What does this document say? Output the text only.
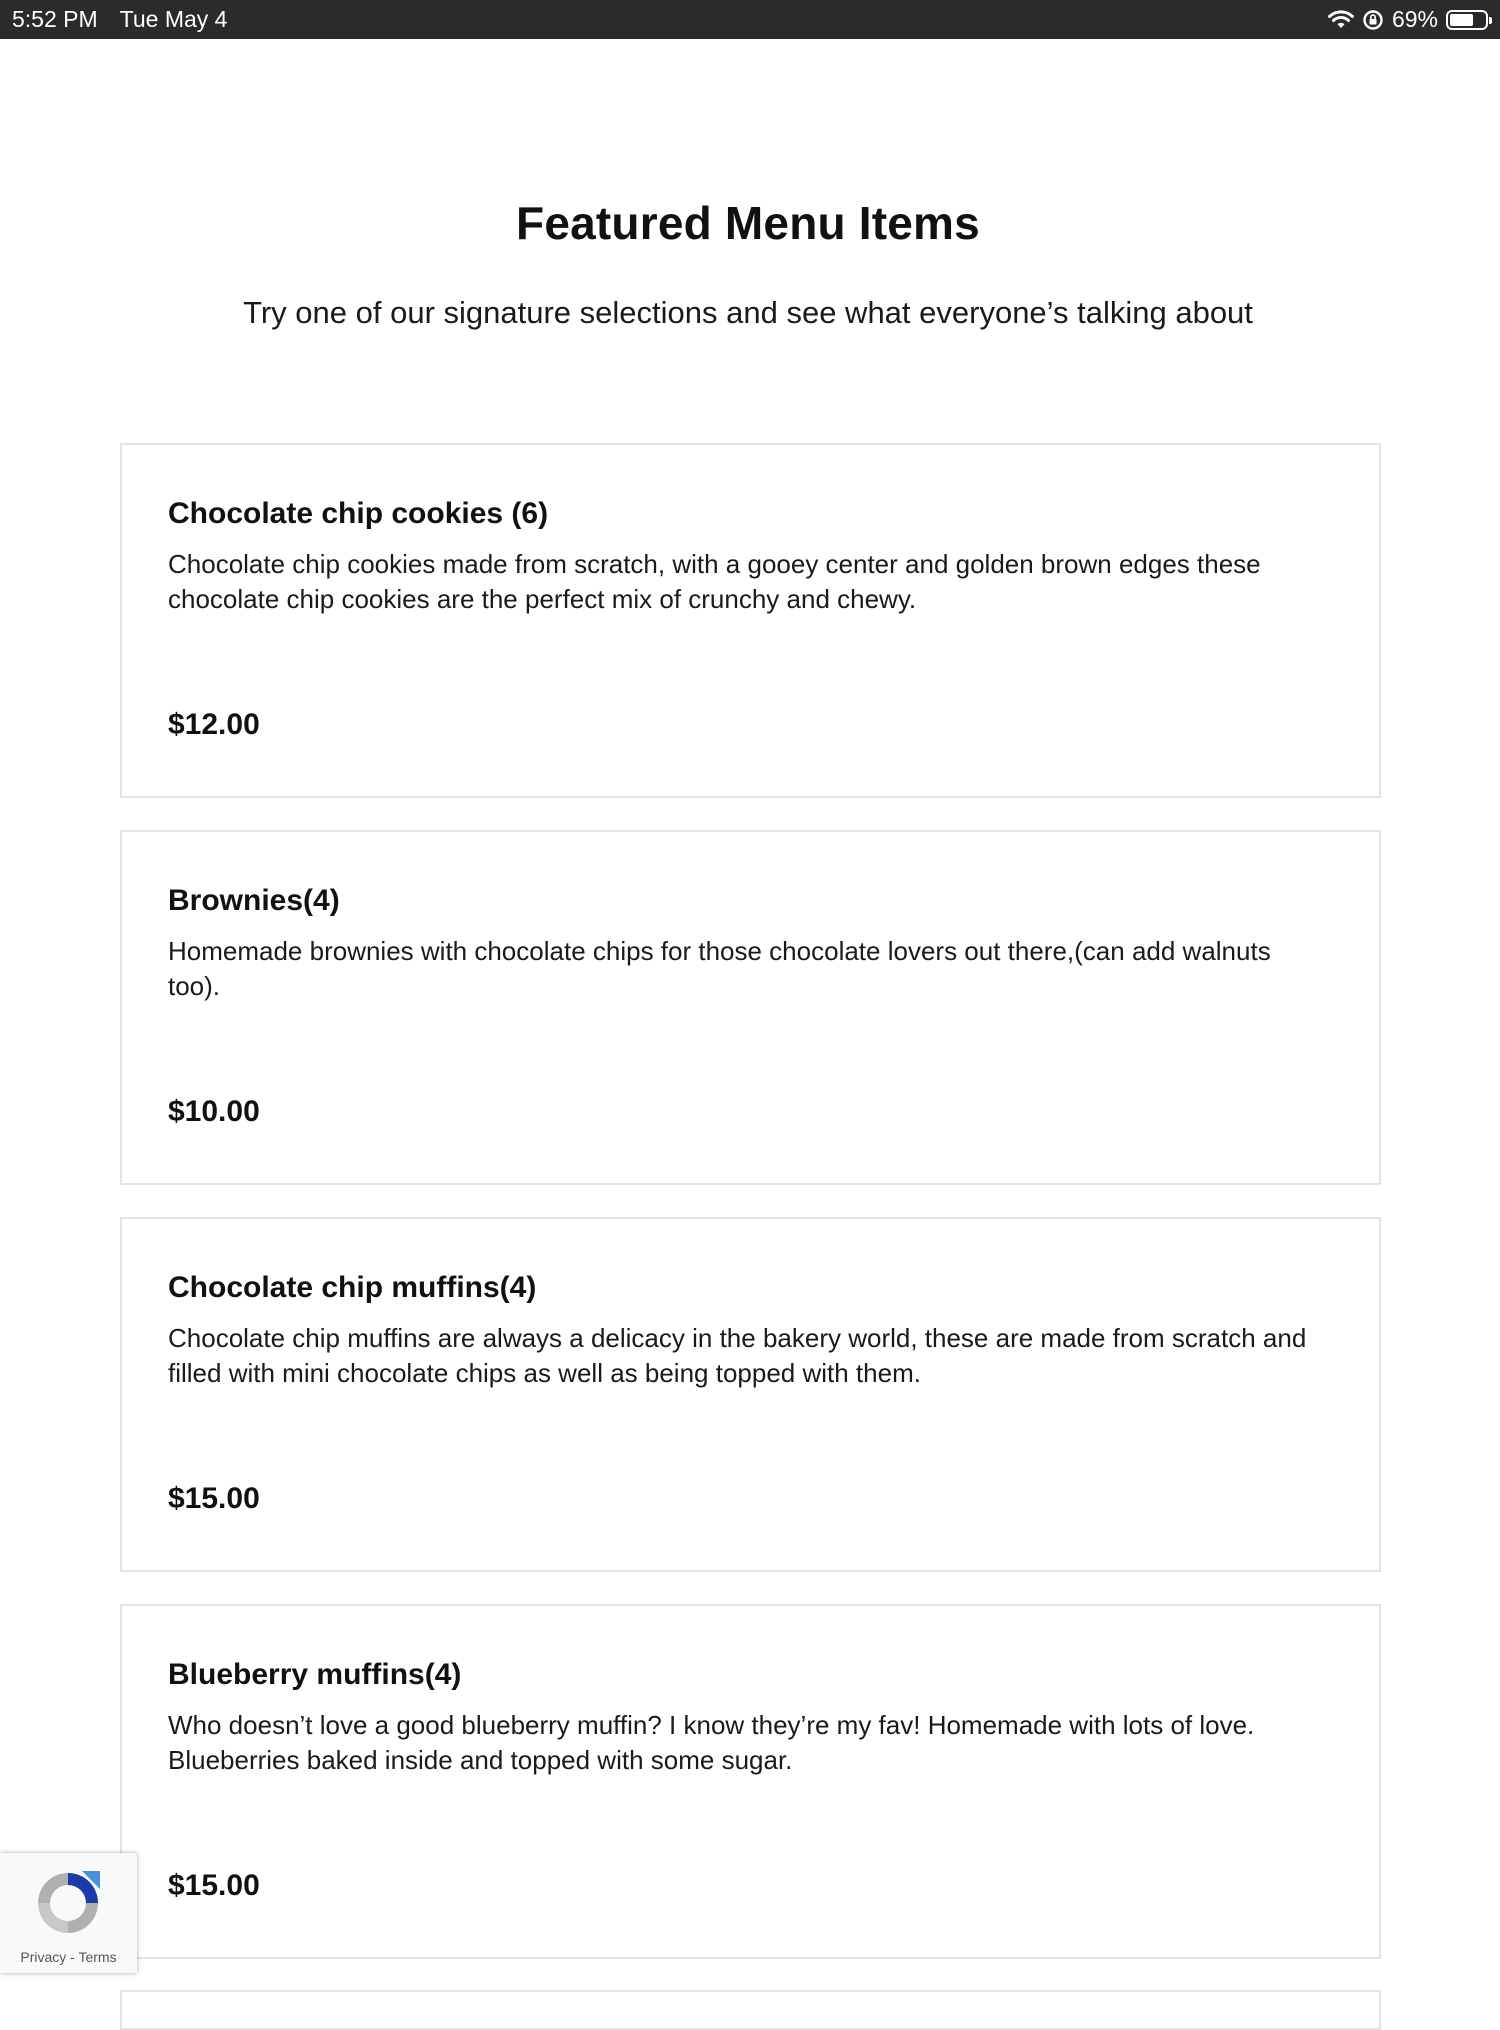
5:52 PM Tue May 4	69%
Featured Menu Items

Try one of our signature selections and see what everyone’s talking about

Chocolate chip cookies (6)

Chocolate chip cookies made from scratch, with a gooey center and golden brown edges these chocolate chip cookies are the perfect mix of crunchy and chewy.

$12.00

Brownies(4)

Homemade brownies with chocolate chips for those chocolate lovers out there,(can add walnuts too).

$10.00

Chocolate chip muffins(4)

Chocolate chip muffins are always a delicacy in the bakery world, these are made from scratch and filled with mini chocolate chips as well as being topped with them.

$15.00

Blueberry muffins(4)

Who doesn’t love a good blueberry muffin? I know they’re my fav! Homemade with lots of love. Blueberries baked inside and topped with some sugar.

$15.00

Privacy - Terms
